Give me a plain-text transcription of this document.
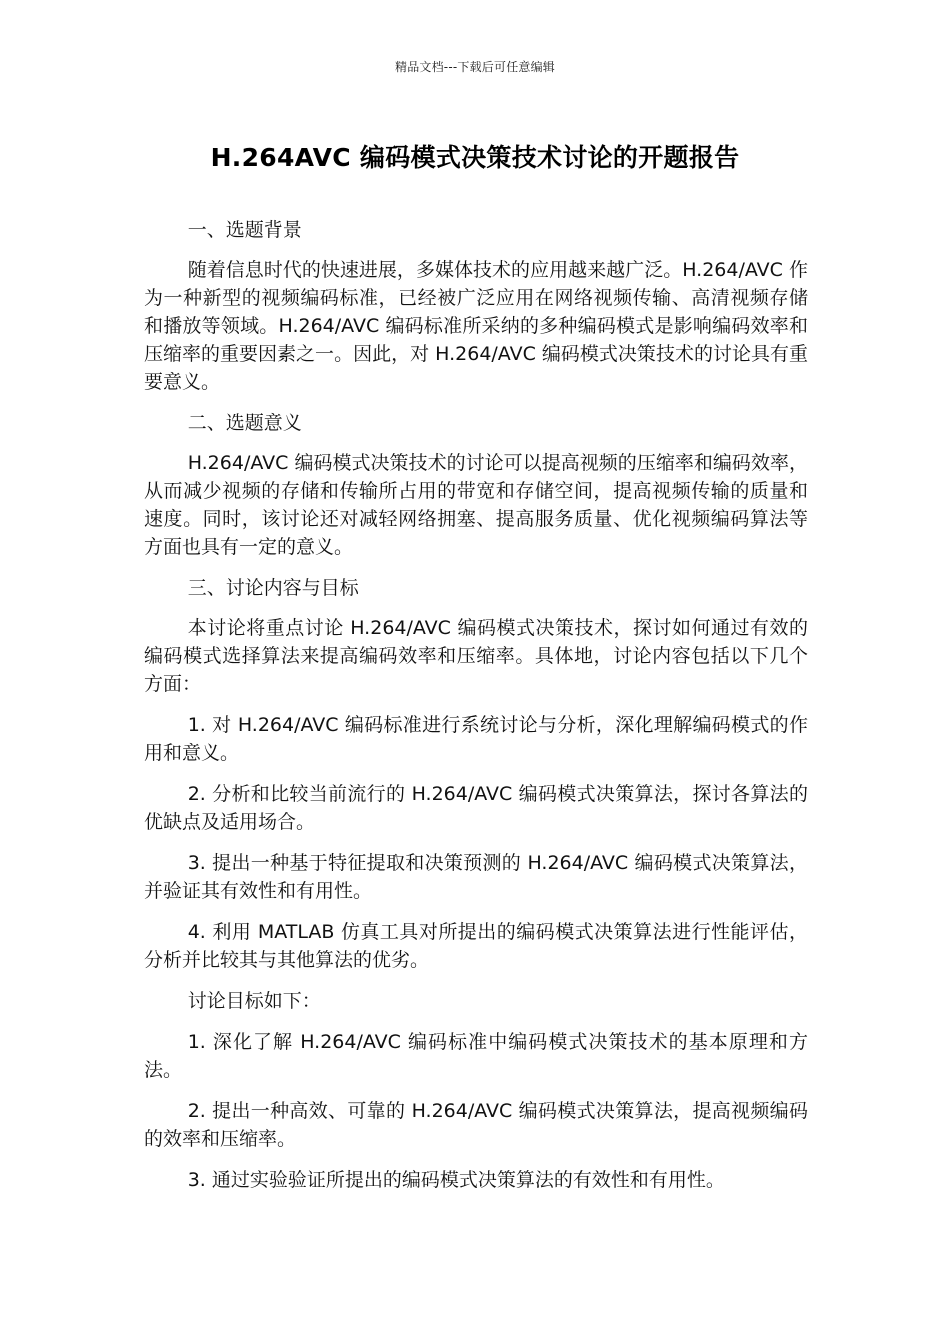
精品文档---下载后可任意编辑
H.264AVC 编码模式决策技术讨论的开题报告

一、选题背景

随着信息时代的快速进展，多媒体技术的应用越来越广泛。H.264/AVC 作为一种新型的视频编码标准，已经被广泛应用在网络视频传输、高清视频存储和播放等领域。H.264/AVC 编码标准所采纳的多种编码模式是影响编码效率和压缩率的重要因素之一。因此，对 H.264/AVC 编码模式决策技术的讨论具有重要意义。

二、选题意义

H.264/AVC 编码模式决策技术的讨论可以提高视频的压缩率和编码效率，从而减少视频的存储和传输所占用的带宽和存储空间，提高视频传输的质量和速度。同时，该讨论还对减轻网络拥塞、提高服务质量、优化视频编码算法等方面也具有一定的意义。

三、讨论内容与目标

本讨论将重点讨论 H.264/AVC 编码模式决策技术，探讨如何通过有效的编码模式选择算法来提高编码效率和压缩率。具体地，讨论内容包括以下几个方面：

1. 对 H.264/AVC 编码标准进行系统讨论与分析，深化理解编码模式的作用和意义。

2. 分析和比较当前流行的 H.264/AVC 编码模式决策算法，探讨各算法的优缺点及适用场合。

3. 提出一种基于特征提取和决策预测的 H.264/AVC 编码模式决策算法，并验证其有效性和有用性。

4. 利用 MATLAB 仿真工具对所提出的编码模式决策算法进行性能评估，分析并比较其与其他算法的优劣。

讨论目标如下：

1. 深化了解 H.264/AVC 编码标准中编码模式决策技术的基本原理和方法。

2. 提出一种高效、可靠的 H.264/AVC 编码模式决策算法，提高视频编码的效率和压缩率。

3. 通过实验验证所提出的编码模式决策算法的有效性和有用性。
